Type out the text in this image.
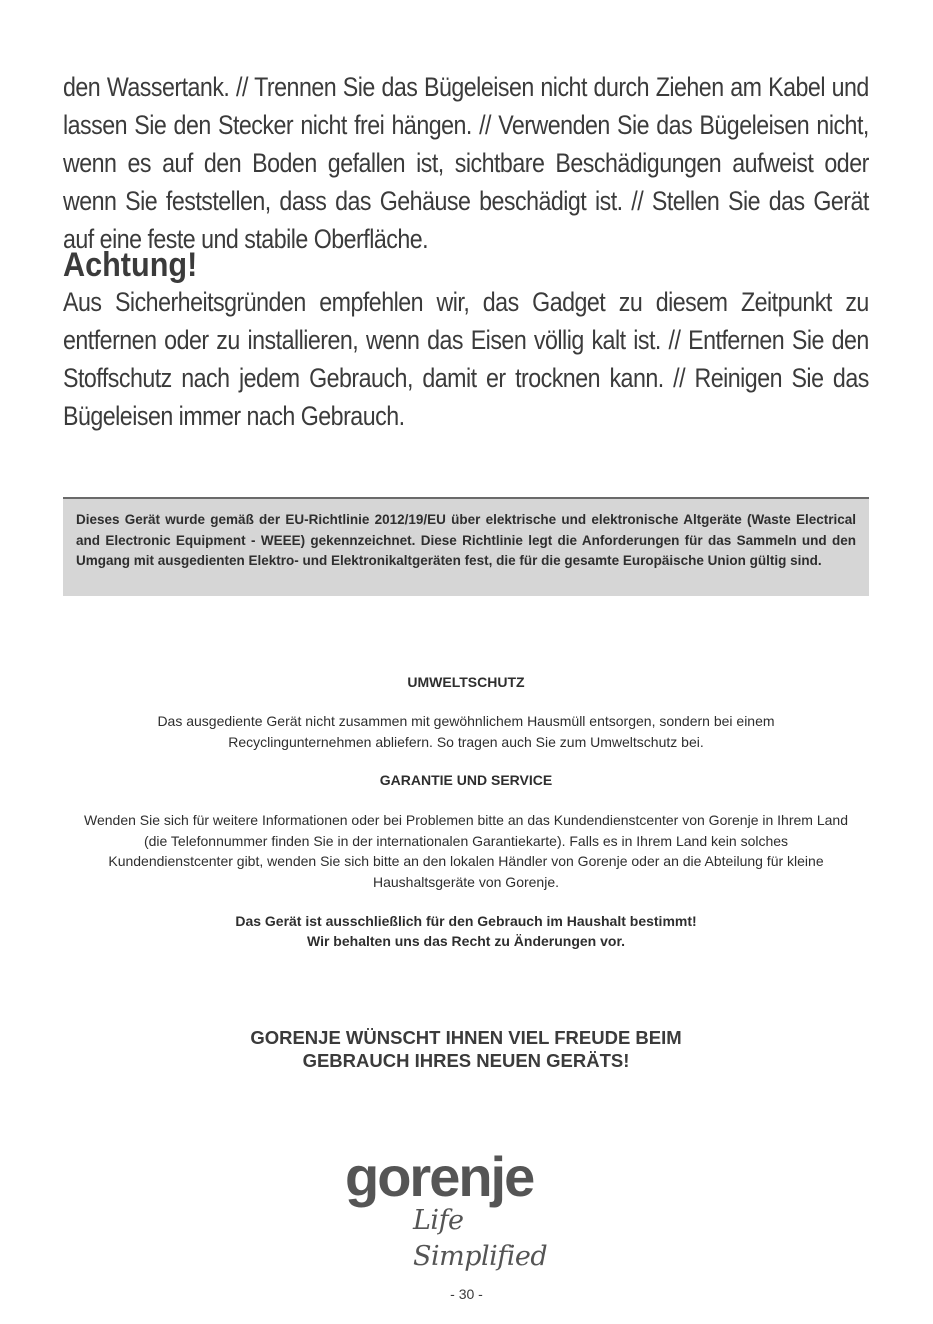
den Wassertank. // Trennen Sie das Bügeleisen nicht durch Ziehen am Kabel und lassen Sie den Stecker nicht frei hängen. // Verwenden Sie das Bügeleisen nicht, wenn es auf den Boden gefallen ist, sichtbare Beschädigungen aufweist oder wenn Sie feststellen, dass das Gehäuse beschädigt ist. // Stellen Sie das Gerät auf eine feste und stabile Oberfläche.

Achtung!

Aus Sicherheitsgründen empfehlen wir, das Gadget zu diesem Zeitpunkt zu entfernen oder zu installieren, wenn das Eisen völlig kalt ist. // Entfernen Sie den Stoffschutz nach jedem Gebrauch, damit er trocknen kann. // Reinigen Sie das Bügeleisen immer nach Gebrauch.

Dieses Gerät wurde gemäß der EU-Richtlinie 2012/19/EU über elektrische und elektronische Altgeräte (Waste Electrical and Electronic Equipment - WEEE) gekennzeichnet. Diese Richtlinie legt die Anforderungen für das Sammeln und den Umgang mit ausgedienten Elektro- und Elektronikaltgeräten fest, die für die gesamte Europäische Union gültig sind.

UMWELTSCHUTZ

Das ausgediente Gerät nicht zusammen mit gewöhnlichem Hausmüll entsorgen, sondern bei einem Recyclingunternehmen abliefern. So tragen auch Sie zum Umweltschutz bei.

GARANTIE UND SERVICE

Wenden Sie sich für weitere Informationen oder bei Problemen bitte an das Kundendienstcenter von Gorenje in Ihrem Land (die Telefonnummer finden Sie in der internationalen Garantiekarte). Falls es in Ihrem Land kein solches Kundendienstcenter gibt, wenden Sie sich bitte an den lokalen Händler von Gorenje oder an die Abteilung für kleine Haushaltsgeräte von Gorenje.

Das Gerät ist ausschließlich für den Gebrauch im Haushalt bestimmt!
Wir behalten uns das Recht zu Änderungen vor.
GORENJE WÜNSCHT IHNEN VIEL FREUDE BEIM
GEBRAUCH IHRES NEUEN GERÄTS!
gorenje
Life Simplified
- 30 -
